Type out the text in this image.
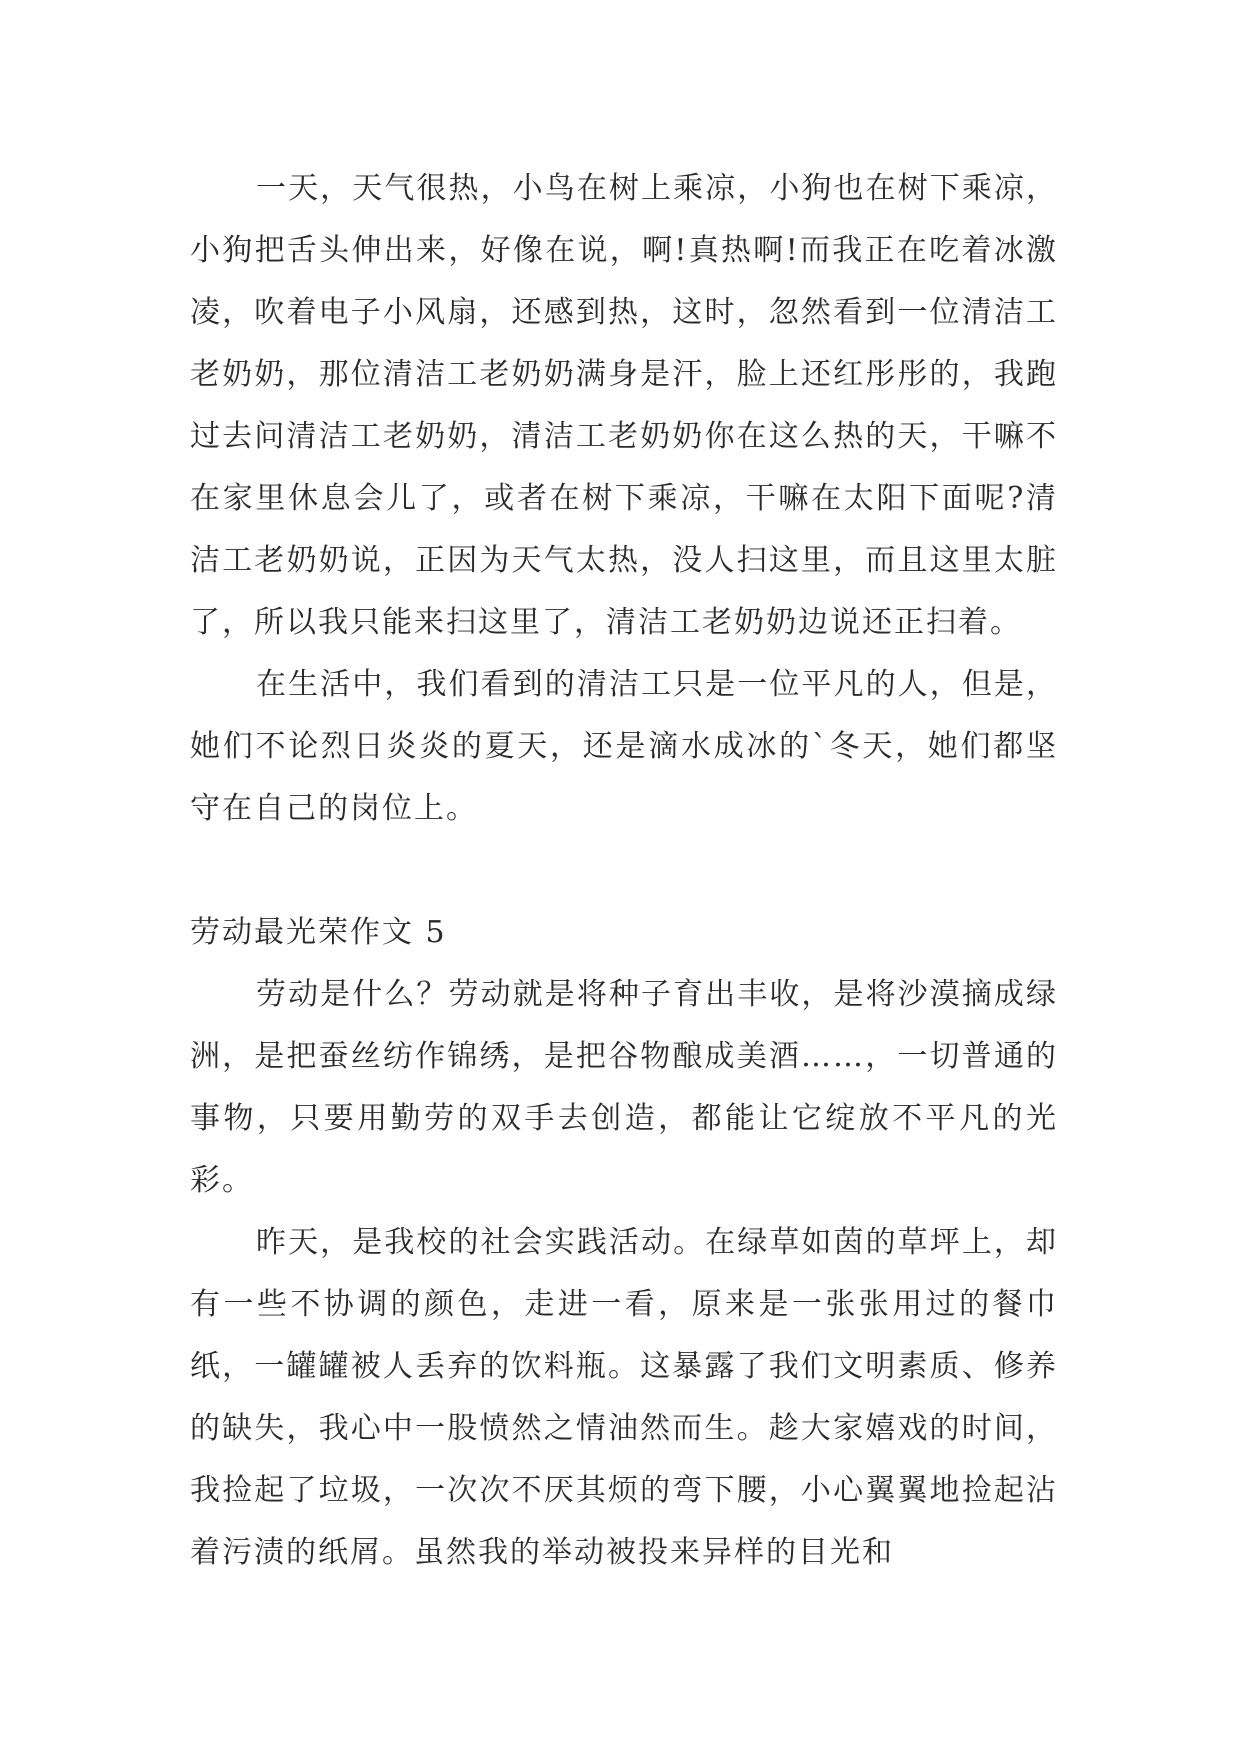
一天，天气很热，小鸟在树上乘凉，小狗也在树下乘凉，小狗把舌头伸出来，好像在说，啊!真热啊!而我正在吃着冰激凌，吹着电子小风扇，还感到热，这时，忽然看到一位清洁工老奶奶，那位清洁工老奶奶满身是汗，脸上还红彤彤的，我跑过去问清洁工老奶奶，清洁工老奶奶你在这么热的天，干嘛不在家里休息会儿了，或者在树下乘凉，干嘛在太阳下面呢?清洁工老奶奶说，正因为天气太热，没人扫这里，而且这里太脏了，所以我只能来扫这里了，清洁工老奶奶边说还正扫着。

在生活中，我们看到的清洁工只是一位平凡的人，但是，她们不论烈日炎炎的夏天，还是滴水成冰的`冬天，她们都坚守在自己的岗位上。

劳动最光荣作文 5

劳动是什么？劳动就是将种子育出丰收，是将沙漠摘成绿洲，是把蚕丝纺作锦绣，是把谷物酿成美酒……，一切普通的事物，只要用勤劳的双手去创造，都能让它绽放不平凡的光彩。

昨天，是我校的社会实践活动。在绿草如茵的草坪上，却有一些不协调的颜色，走进一看，原来是一张张用过的餐巾纸，一罐罐被人丢弃的饮料瓶。这暴露了我们文明素质、修养的缺失，我心中一股愤然之情油然而生。趁大家嬉戏的时间，我捡起了垃圾，一次次不厌其烦的弯下腰，小心翼翼地捡起沾着污渍的纸屑。虽然我的举动被投来异样的目光和
